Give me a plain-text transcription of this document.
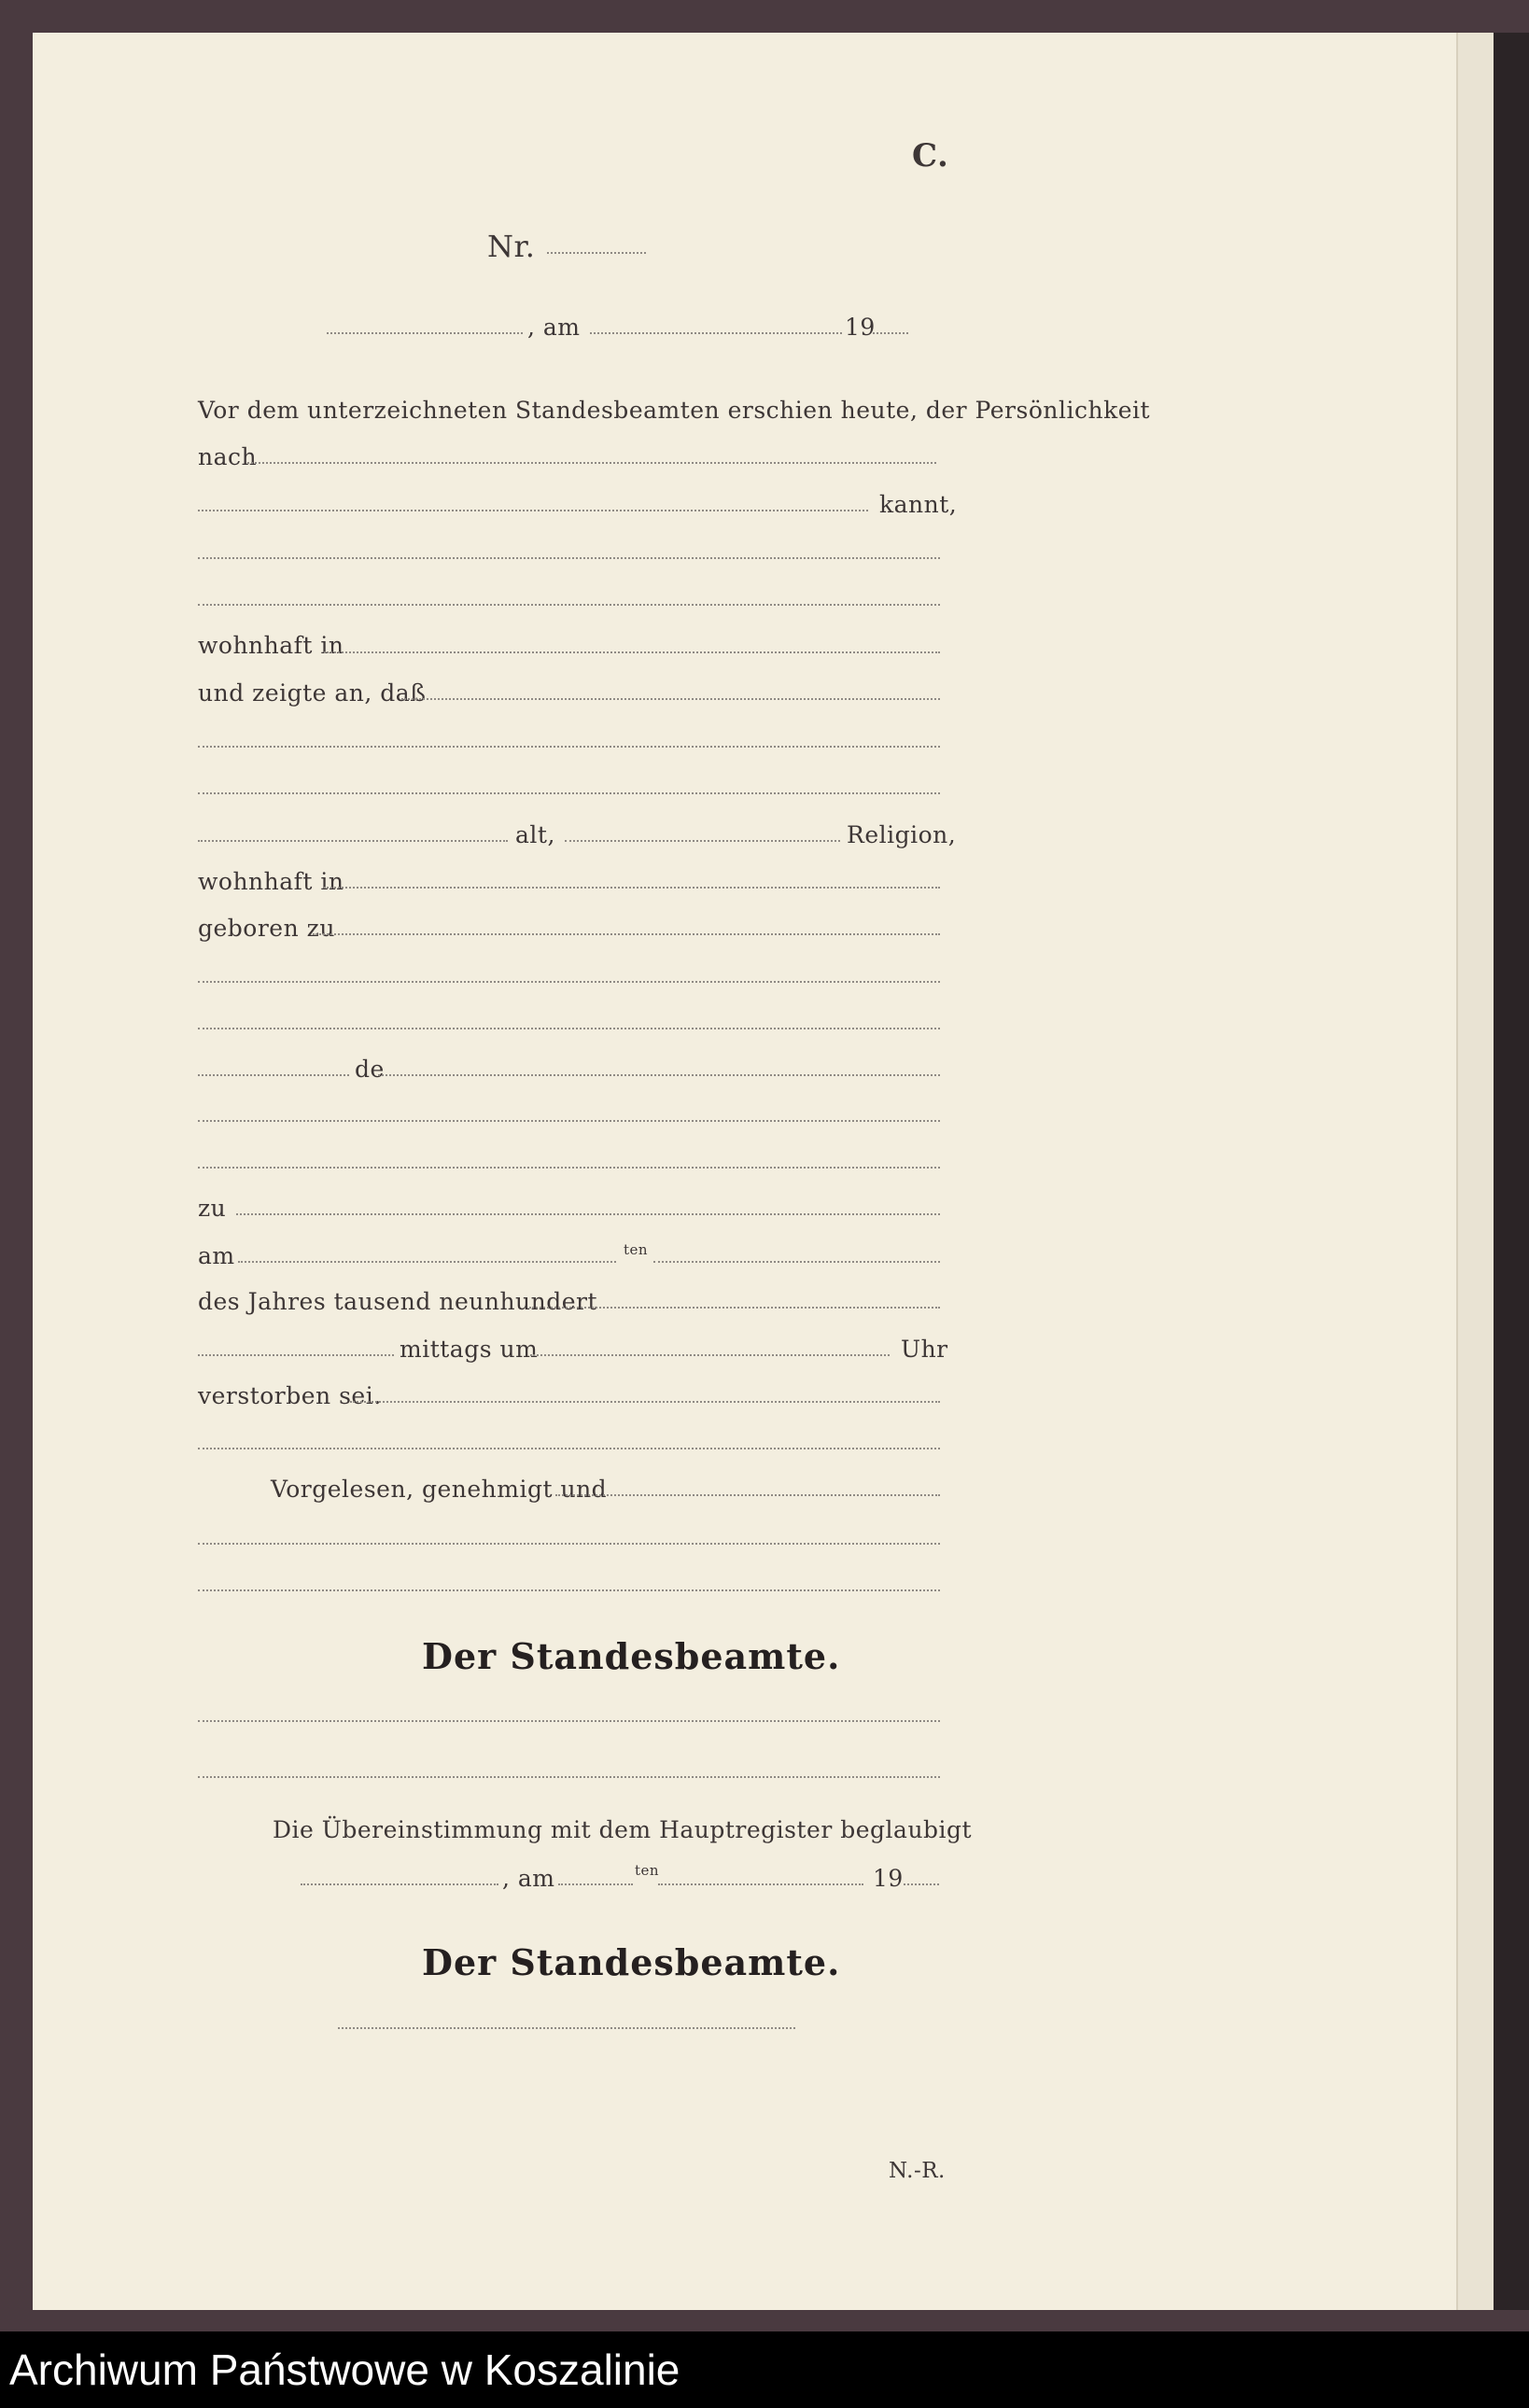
C.
Nr.
, am	19
Vor dem unterzeichneten Standesbeamten erschien heute, der Persönlichkeit
nach
kannt,
wohnhaft in
und zeigte an, daß
alt,	Religion,
wohnhaft in
geboren zu
de
zu
am	ten
des Jahres tausend neunhundert
mittags um	Uhr
verstorben sei.
Vorgelesen, genehmigt und
Der Standesbeamte.
Die Übereinstimmung mit dem Hauptregister beglaubigt
, am	ten	19
Der Standesbeamte.
N.-R.
Archiwum Państwowe w Koszalinie
